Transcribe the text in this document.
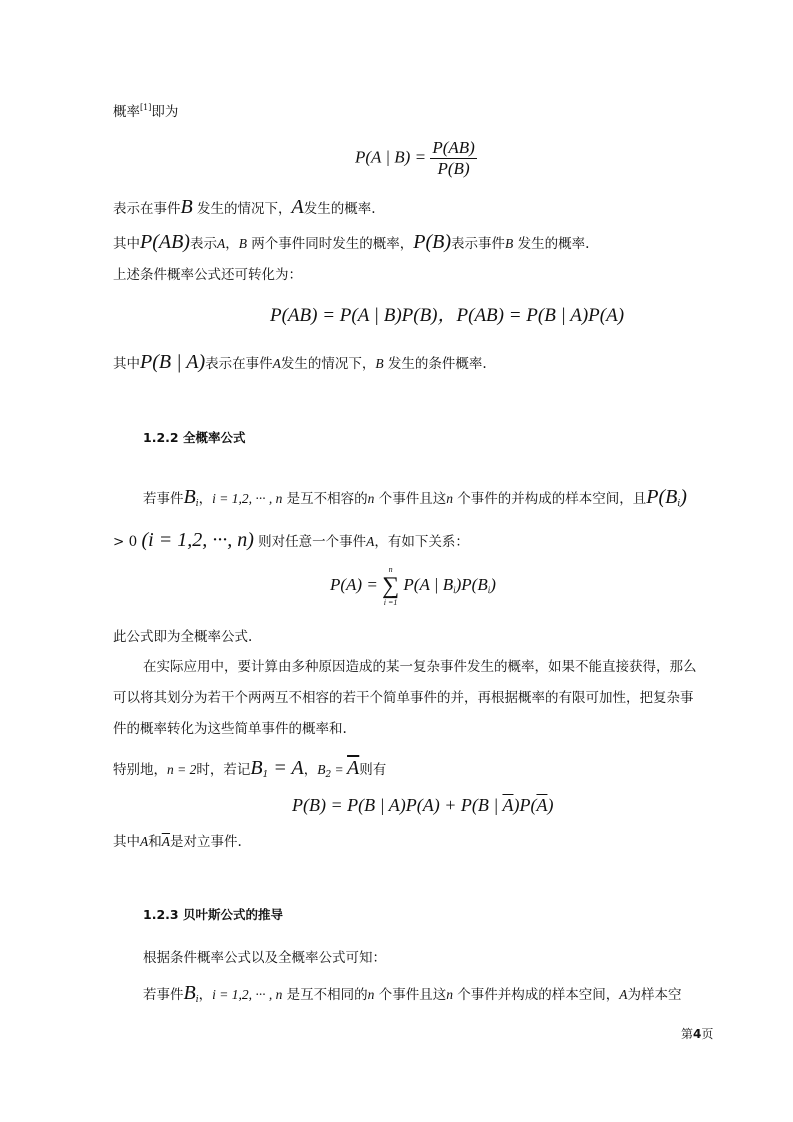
概率[1]即为
P(A | $B) = \frac{P(AB)}{P(B)}$
表示在事件B 发生的情况下，A发生的概率.
其中P(AB)表示A，B 两个事件同时发生的概率，P(B)表示事件B 发生的概率.
上述条件概率公式还可转化为：
P(AB) = P(A | B)P(B)，P(AB) = P(B | A)P(A)
其中P(B | A)表示在事件A发生的情况下，B 发生的条件概率.
1.2.2 全概率公式
若事件$B_i$，i = 1,2, ··· , n 是互不相容的n 个事件且这n 个事件的并构成的样本空间，且$P(B_i)$
> 0 (i = 1,2, ···, n) 则对任意一个事件A，有如下关系：
P(A) =
n
∑
i =1
P(A | $B_i)P(B_i)$
此公式即为全概率公式.
在实际应用中，要计算由多种原因造成的某一复杂事件发生的概率，如果不能直接获得，那么
可以将其划分为若干个两两互不相容的若干个简单事件的并，再根据概率的有限可加性，把复杂事
件的概率转化为这些简单事件的概率和.
特别地，n = 2时，若记$B_1 = A$，$B_2 = \overline{A}$则有
P(B) = P(B | A)P(A) + P(B | $\overline{A})P(\overline{A})$
其中A和$\overline{A}$是对立事件.
1.2.3 贝叶斯公式的推导
根据条件概率公式以及全概率公式可知：
若事件$B_i$，i = 1,2, ··· , n 是互不相同的n 个事件且这n 个事件并构成的样本空间，A为样本空
第4页
